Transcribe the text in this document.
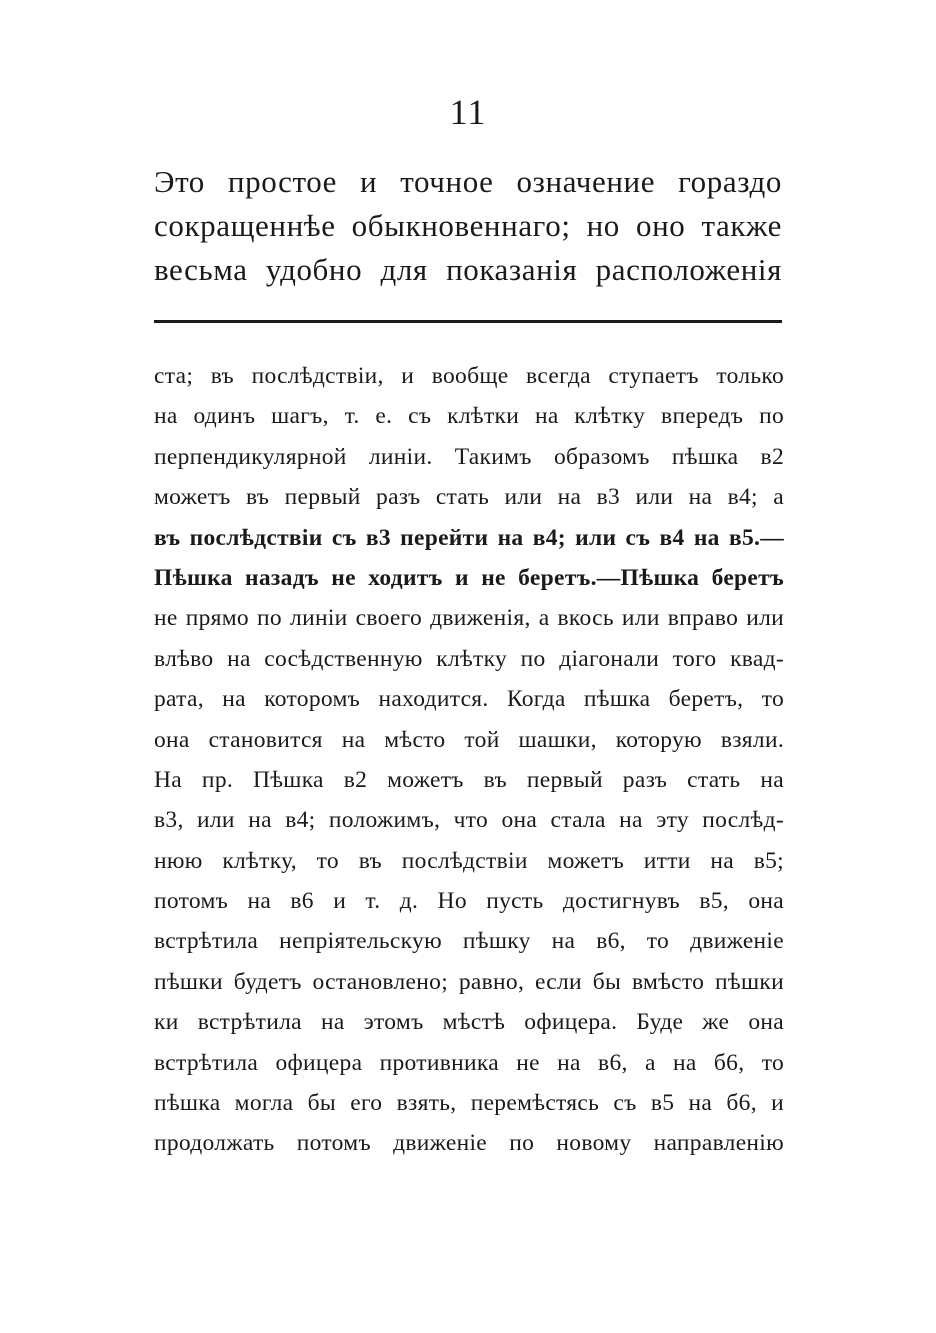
11
Это простое и точное означение гораздо
сокращеннѣе обыкновеннаго; но оно также
весьма удобно для показанія расположенія
ста; въ послѣдствіи, и вообще всегда ступаетъ только
на одинъ шагъ, т. е. съ клѣтки на клѣтку впередъ по
перпендикулярной линіи. Такимъ образомъ пѣшка в2
можетъ въ первый разъ стать или на в3 или на в4; а
въ послѣдствіи съ в3 перейти на в4; или съ в4 на в5.—
Пѣшка назадъ не ходитъ и не беретъ.—Пѣшка беретъ
не прямо по линіи своего движенія, а вкось или вправо или
влѣво на сосѣдственную клѣтку по діагонали того квад-
рата, на которомъ находится. Когда пѣшка беретъ, то
она становится на мѣсто той шашки, которую взяли.
На пр. Пѣшка в2 можетъ въ первый разъ стать на
в3, или на в4; положимъ, что она стала на эту послѣд-
нюю клѣтку, то въ послѣдствіи можетъ итти на в5;
потомъ на в6 и т. д. Но пусть достигнувъ в5, она
встрѣтила непріятельскую пѣшку на в6, то движеніе
пѣшки будетъ остановлено; равно, если бы вмѣсто пѣшки
ки встрѣтила на этомъ мѣстѣ офицера. Буде же она
встрѣтила офицера противника не на в6, а на б6, то
пѣшка могла бы его взять, перемѣстясь съ в5 на б6, и
продолжать потомъ движеніе по новому направленію
